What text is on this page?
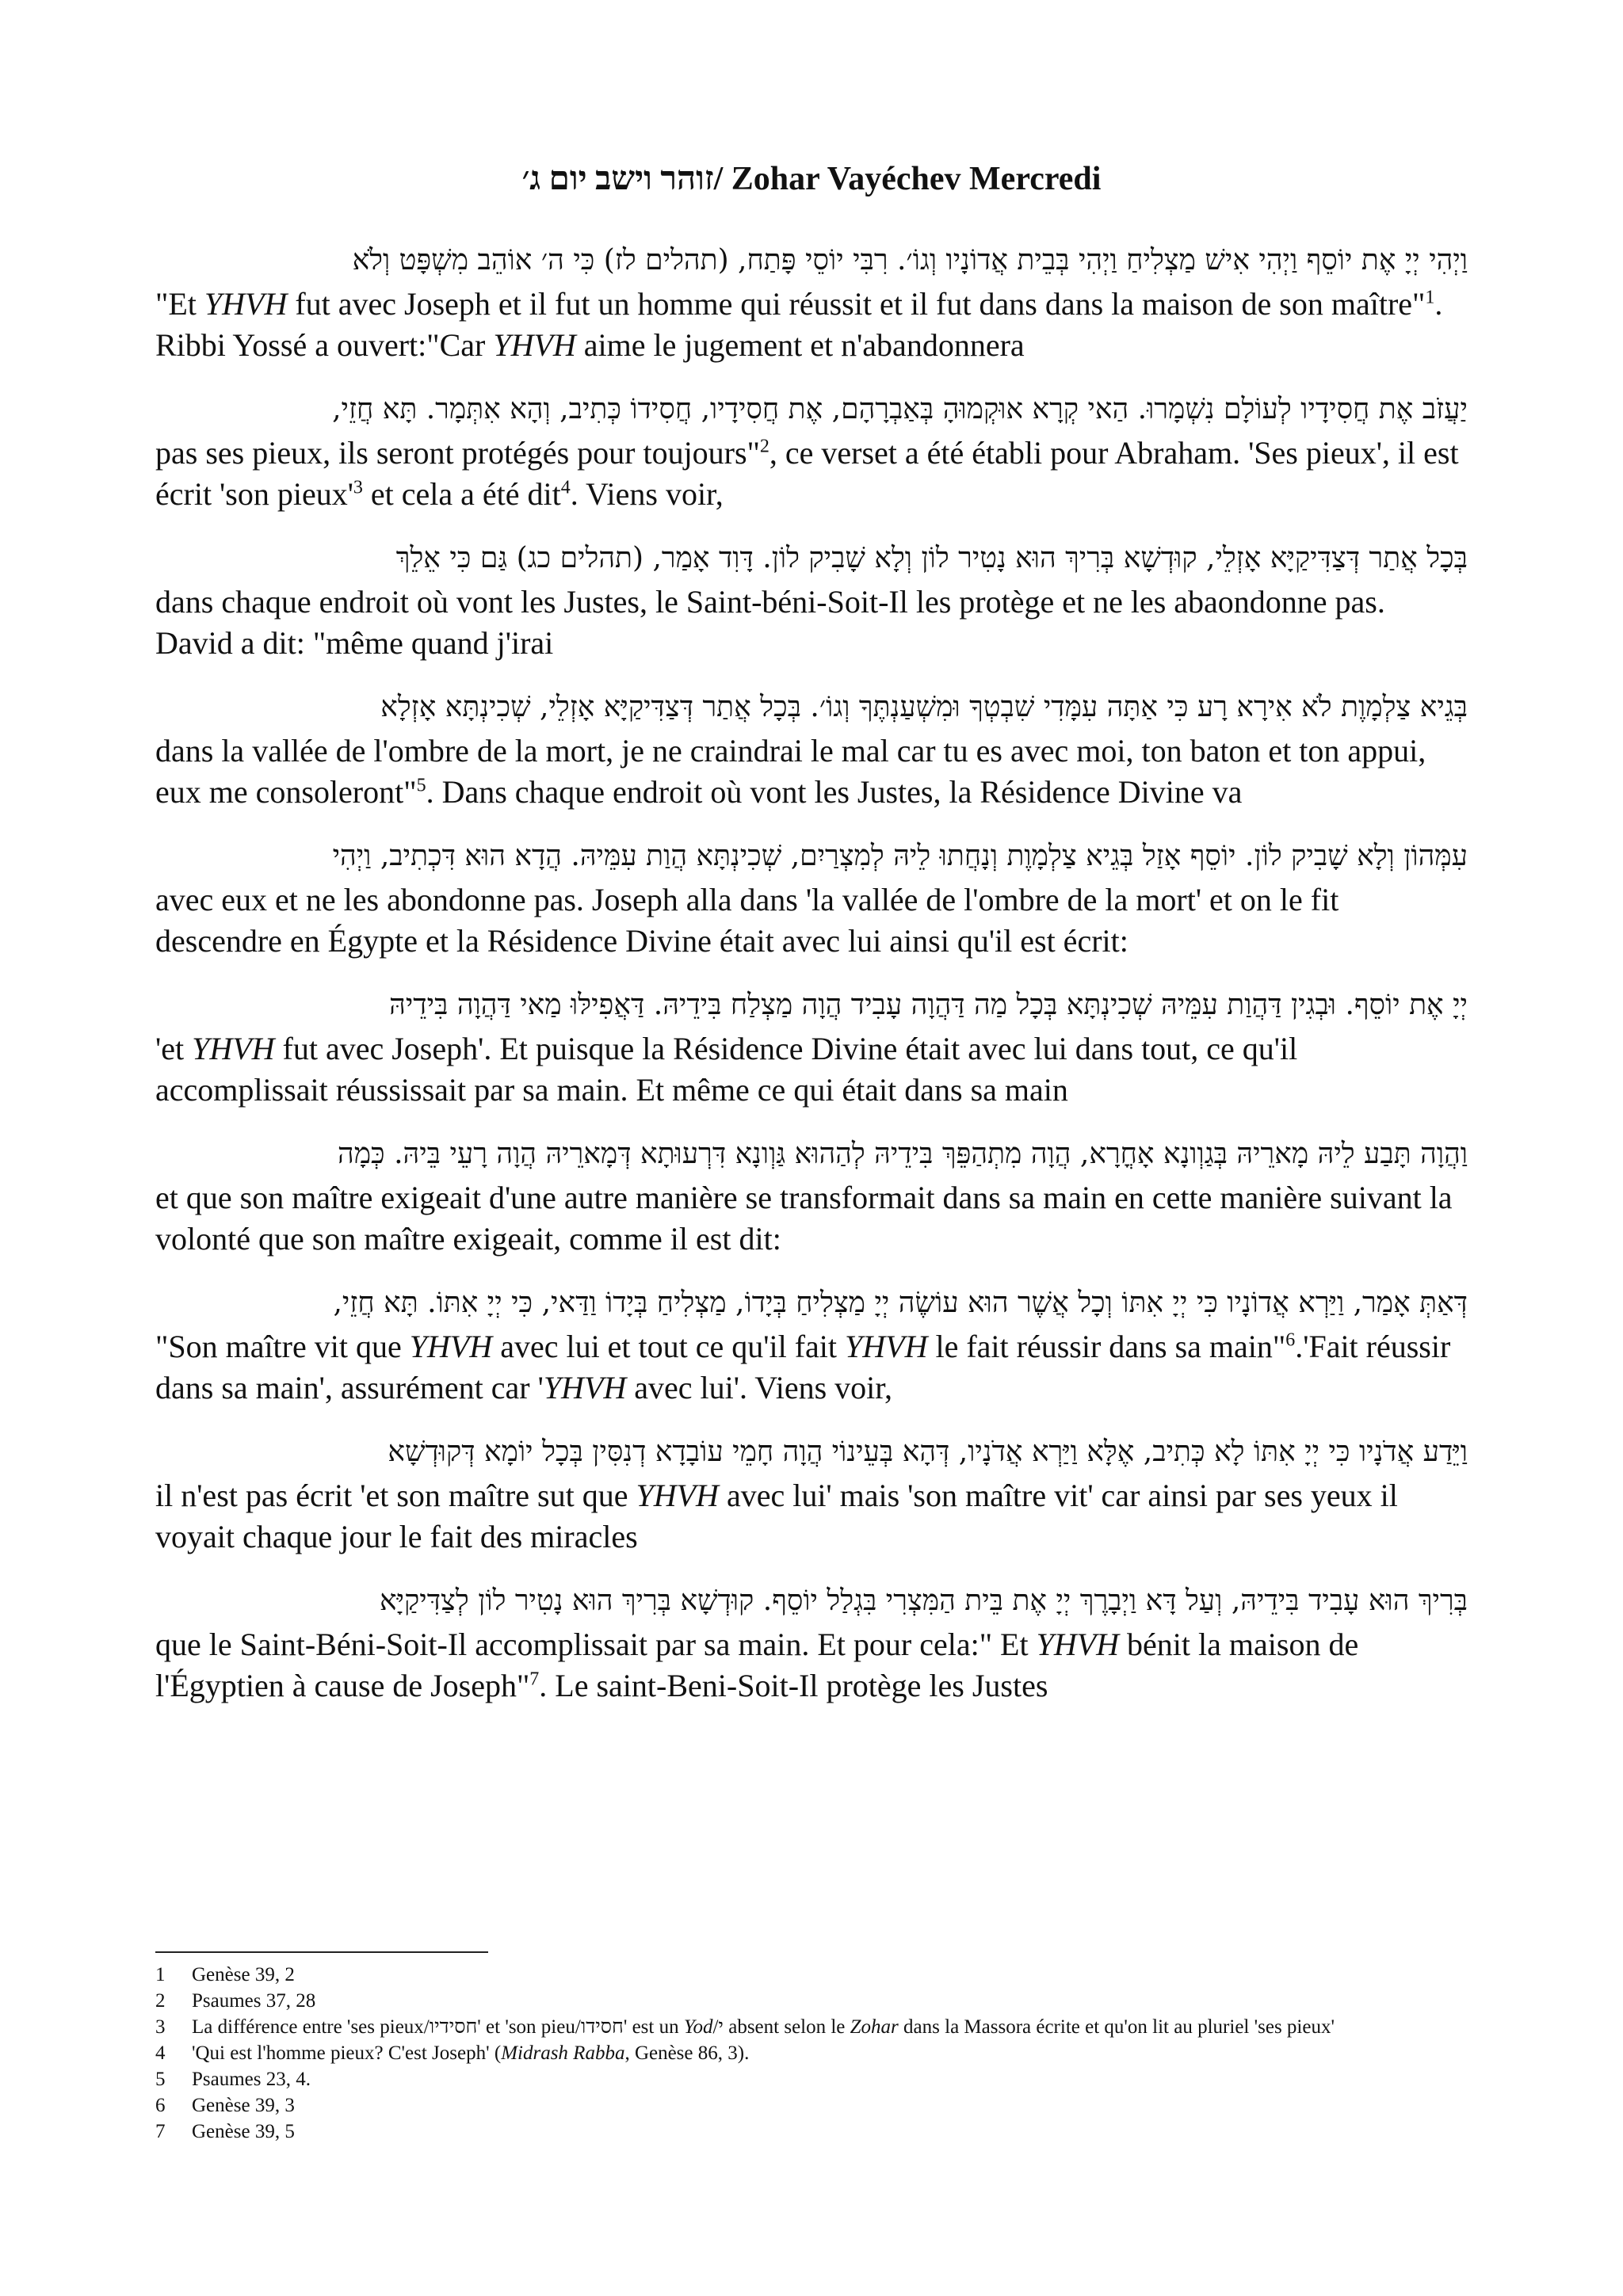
זוהר וישב יום ג׳/ Zohar Vayéchev Mercredi
וַיְהִי יְיָ אֶת יוֹסֵף וַיְהִי אִישׁ מַצְלִיחַ וַיְהִי בְּבֵית אֲדוֹנָיו וְגוֹ׳. רִבִּי יוֹסֵי פָּתַח, (תהלים לז) כִּי ה׳ אוֹהֵב מִשְׁפָּט וְלֹא

"Et YHVH fut avec Joseph et il fut un homme qui réussit et il fut dans dans la maison de son maître"$^1$. Ribbi Yossé a ouvert:"Car YHVH aime le jugement et n'abandonnera

יַעֲזֹב אֶת חֲסִידָיו לְעוֹלָם נִשְׁמָרוּ. הַאי קְרָא אוּקְמוּהָ בְּאַבְרָהָם, אֶת חֲסִידָיו, חֲסִידוֹ כְּתִיב, וְהָא אִתְּמָר. תָּא חֲזֵי,

pas ses pieux, ils seront protégés pour toujours"$^2$, ce verset a été établi pour Abraham. 'Ses pieux', il est écrit 'son $pieux'^3$ et cela a été dit$^4$. Viens voir,

בְּכָל אֲתַר דְּצַדִּיקַיָּא אָזְלֵי, קוּדְשָׁא בְּרִיךְ הוּא נָטִיר לוֹן וְלָא שָׁבִיק לוֹן. דָּוִד אָמַר, (תהלים כג) גַּם כִּי אֵלֵךְ

dans chaque endroit où vont les Justes, le Saint-béni-Soit-Il les protège et ne les abaondonne pas. David a dit: "même quand j'irai

בְּגֵיא צַלְמָוֶת לֹא אִירָא רָע כִּי אַתָּה עִמָּדִי שִׁבְטְךָ וּמִשְׁעַנְתֶּךָ וְגוֹ׳. בְּכָל אֲתַר דְּצַדִּיקַיָּא אָזְלֵי, שְׁכִינְתָּא אָזְלָא

dans la vallée de l'ombre de la mort, je ne craindrai le mal car tu es avec moi, ton baton et ton appui, eux me consoleront"$^5$. Dans chaque endroit où vont les Justes, la Résidence Divine va

עִמְּהוֹן וְלָא שָׁבִיק לוֹן. יוֹסֵף אָזַל בְּגֵיא צַלְמָוֶת וְנָחֲתוּ לֵיהּ לְמִצְרַיִם, שְׁכִינְתָּא הֲוַת עִמֵּיהּ. הֲדָא הוּא דִּכְתִיב, וַיְהִי

avec eux et ne les abondonne pas. Joseph alla dans 'la vallée de l'ombre de la mort' et on le fit descendre en Égypte et la Résidence Divine était avec lui ainsi qu'il est écrit:

יְיָ אֶת יוֹסֵף. וּבְגִין דַּהֲוַת עִמֵּיהּ שְׁכִינְתָּא בְּכָל מַה דַּהֲוָה עָבִיד הֲוָה מַצְלַח בִּידֵיהּ. דַּאֲפִילּוּ מַאי דַּהֲוָה בִּידֵיהּ

'et YHVH fut avec Joseph'. Et puisque la Résidence Divine était avec lui dans tout, ce qu'il accomplissait réussissait par sa main. Et même ce qui était dans sa main

וַהֲוָה תָּבַע לֵיהּ מָארֵיהּ בְּגַוְונָא אָחֳרָא, הֲוָה מִתְהַפֵּךְ בִּידֵיהּ לְהַהוּא גַּוְונָא דִּרְעוּתָא דְּמָארֵיהּ הֲוָה רָעֵי בֵּיהּ. כְּמָה

et que son maître exigeait d'une autre manière se transformait dans sa main en cette manière suivant la volonté que son maître exigeait, comme il est dit:

דְּאַתְּ אָמַר, וַיַּרְא אֲדוֹנָיו כִּי יְיָ אִתּוֹ וְכָל אֲשֶׁר הוּא עוֹשֶׂה יְיָ מַצְלִיחַ בְּיָדוֹ, מַצְלִיחַ בְּיָדוֹ וַדַּאי, כִּי יְיָ אִתּוֹ. תָּא חֲזֵי,

"Son maître vit que YHVH avec lui et tout ce qu'il fait YHVH le fait réussir dans sa main"$^6$.'Fait réussir dans sa main', assurément car 'YHVH avec lui'. Viens voir,

וַיֵּדַע אֲדֹנָיו כִּי יְיָ אִתּוֹ לָא כְּתִיב, אֶלָּא וַיַּרְא אֲדֹנָיו, דְּהָא בְּעֵינוֹי הֲוָה חָמֵי עוֹבָדָא דְנִסִּין בְּכָל יוֹמָא דְּקוּדְשָׁא

il n'est pas écrit 'et son maître sut que YHVH avec lui' mais 'son maître vit' car ainsi par ses yeux il voyait chaque jour le fait des miracles

בְּרִיךְ הוּא עָבִיד בִּידֵיהּ, וְעַל דָּא וַיְבָרֶךְ יְיָ אֶת בֵּית הַמִּצְרִי בִּגְלַל יוֹסֵף. קוּדְשָׁא בְּרִיךְ הוּא נָטִיר לוֹן לְצַדִּיקַיָּא

que le Saint-Béni-Soit-Il accomplissait par sa main. Et pour cela:" Et YHVH bénit la maison de l'Égyptien à cause de Joseph"$^7$. Le saint-Beni-Soit-Il protège les Justes

1	Genèse 39, 2
2	Psaumes 37, 28
3	La différence entre 'ses pieux/חסידיו' et 'son pieu/חסידו' est un Yod/י absent selon le Zohar dans la Massora écrite et qu'on lit au pluriel 'ses pieux'
4	'Qui est l'homme pieux? C'est Joseph' (Midrash Rabba, Genèse 86, 3).
5	Psaumes 23, 4.
6	Genèse 39, 3
7	Genèse 39, 5
